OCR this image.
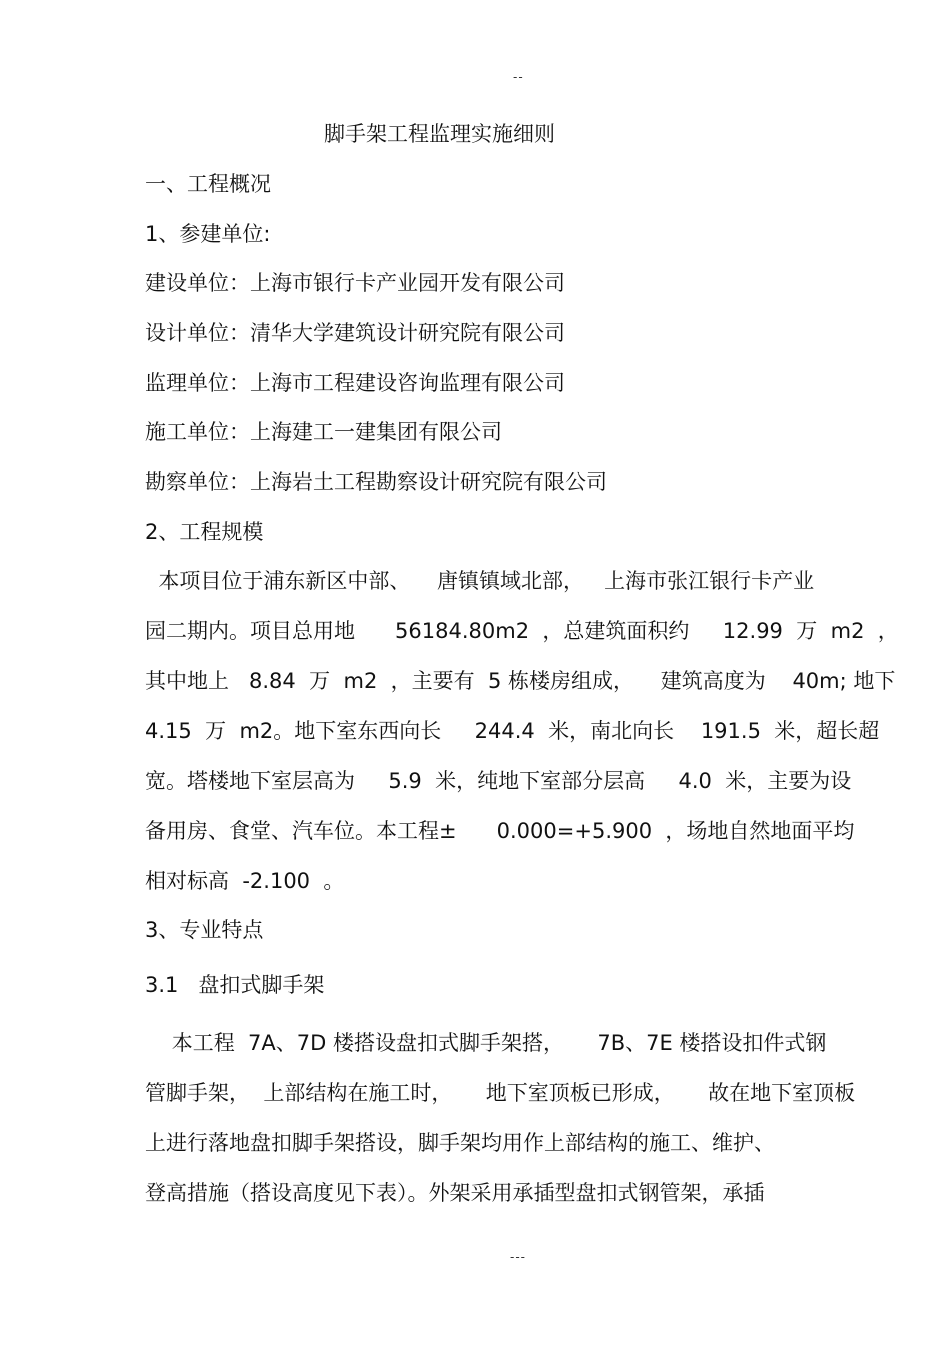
--
脚手架工程监理实施细则
一、工程概况
1、参建单位:
建设单位：上海市银行卡产业园开发有限公司
设计单位：清华大学建筑设计研究院有限公司
监理单位：上海市工程建设咨询监理有限公司
施工单位：上海建工一建集团有限公司
勘察单位：上海岩土工程勘察设计研究院有限公司
2、工程规模

本项目位于浦东新区中部、    唐镇镇域北部，   上海市张江银行卡产业

园二期内。项目总用地      56184.80m2  ，总建筑面积约     12.99  万  m2  ，

其中地上   8.84  万  m2  ，主要有  5 栋楼房组成，    建筑高度为    40m; 地下

4.15  万  m2。地下室东西向长     244.4  米，南北向长    191.5  米，超长超

宽。塔楼地下室层高为     5.9  米，纯地下室部分层高     4.0  米，主要为设

备用房、食堂、汽车位。本工程±      0.000=+5.900  ，场地自然地面平均

相对标高  -2.100  。

3、专业特点
3.1   盘扣式脚手架

本工程  7A、7D 楼搭设盘扣式脚手架搭，     7B、7E 楼搭设扣件式钢

管脚手架，  上部结构在施工时，     地下室顶板已形成，     故在地下室顶板

上进行落地盘扣脚手架搭设，脚手架均用作上部结构的施工、维护、

登高措施（搭设高度见下表）。外架采用承插型盘扣式钢管架，承插

---
